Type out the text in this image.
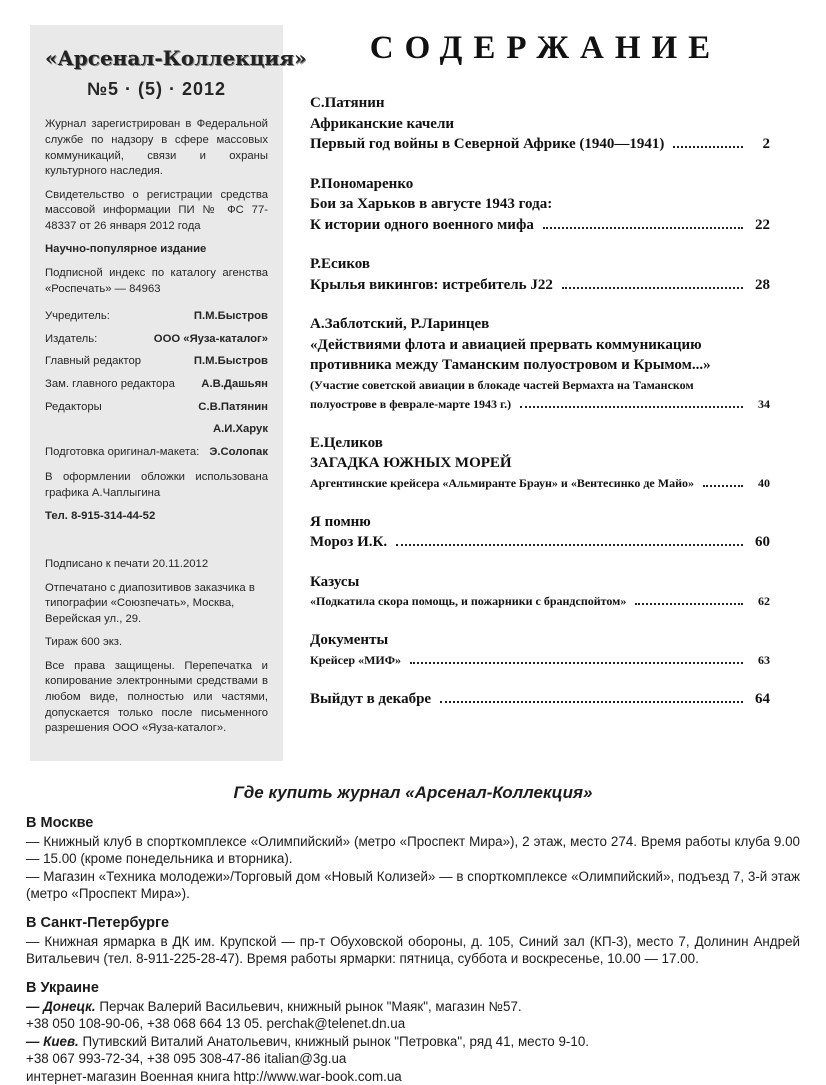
«Арсенал-Коллекция»
№5 · (5) · 2012
Журнал зарегистрирован в Федеральной службе по надзору в сфере массовых коммуникаций, связи и охраны культурного наследия.
Свидетельство о регистрации средства массовой информации ПИ № ФС 77-48337 от 26 января 2012 года
Научно-популярное издание
Подписной индекс по каталогу агенства «Роспечать» — 84963
Учредитель:	П.М.Быстров
Издатель:	ООО «Яуза-каталог»
Главный редактор	П.М.Быстров
Зам. главного редактора А.В.Дашьян
Редакторы	С.В.Патянин
А.И.Харук
Подготовка оригинал-макета: Э.Солопак
В оформлении обложки использована графика А.Чаплыгина
Тел. 8-915-314-44-52
Подписано к печати 20.11.2012
Отпечатано с диапозитивов заказчика в типографии «Союзпечать», Москва, Верейская ул., 29.
Тираж 600 экз.
Все права защищены. Перепечатка и копирование электронными средствами в любом виде, полностью или частями, допускается только после письменного разрешения ООО «Яуза-каталог».
СОДЕРЖАНИЕ
С.Патянин
Африканские качели
Первый год войны в Северной Африке (1940—1941)	2
Р.Пономаренко
Бои за Харьков в августе 1943 года:
К истории одного военного мифа	22
Р.Есиков
Крылья викингов: истребитель J22	28
А.Заблотский, Р.Ларинцев
«Действиями флота и авиацией прервать коммуникацию
противника между Таманским полуостровом и Крымом...»
(Участие советской авиации в блокаде частей Вермахта на Таманском
полуострове в феврале-марте 1943 г.)	34
Е.Целиков
ЗАГАДКА ЮЖНЫХ МОРЕЙ
Аргентинские крейсера «Альмиранте Браун» и «Вентесинко де Майо»	40
Я помню
Мороз И.К.	60
Казусы
«Подкатила скора помощь, и пожарники с брандспойтом»	62
Документы
Крейсер «МИФ»	63
Выйдут в декабре	64
Где купить журнал «Арсенал-Коллекция»
В Москве
— Книжный клуб в спорткомплексе «Олимпийский» (метро «Проспект Мира»), 2 этаж, место 274. Время работы клуба 9.00 — 15.00 (кроме понедельника и вторника).
— Магазин «Техника молодежи»/Торговый дом «Новый Колизей» — в спорткомплексе «Олимпийский», подъезд 7, 3-й этаж (метро «Проспект Мира»).
В Санкт-Петербурге
— Книжная ярмарка в ДК им. Крупской — пр-т Обуховской обороны, д. 105, Синий зал (КП-3), место 7, Долинин Андрей Витальевич (тел. 8-911-225-28-47). Время работы ярмарки: пятница, суббота и воскресенье, 10.00 — 17.00.
В Украине
— Донецк. Перчак Валерий Васильевич, книжный рынок "Маяк", магазин №57.
+38 050 108-90-06, +38 068 664 13 05. perchak@telenet.dn.ua
— Киев. Путивский Виталий Анатольевич, книжный рынок "Петровка", ряд 41, место 9-10.
+38 067 993-72-34, +38 095 308-47-86 italian@3g.ua
интернет-магазин Военная книга http://www.war-book.com.ua
